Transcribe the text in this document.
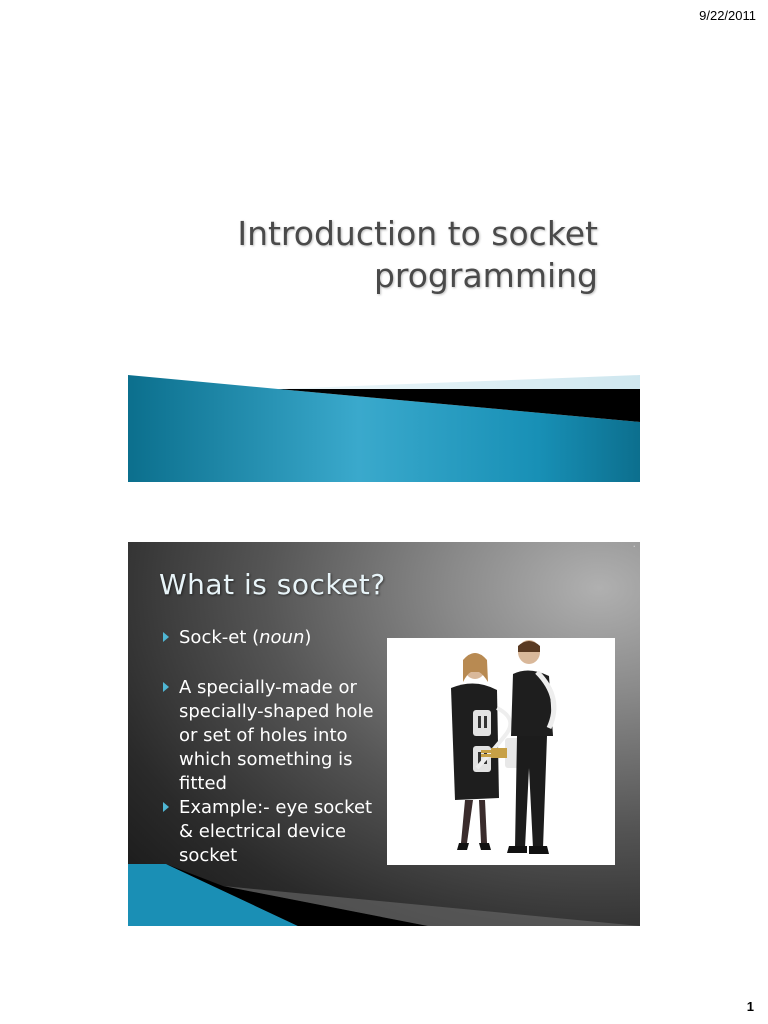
9/22/2011
Introduction to socket
programming
·
What is socket?
Sock-et (noun)
A specially-made or specially-shaped hole or set of holes into which something is fitted
Example:- eye socket & electrical device socket
1
